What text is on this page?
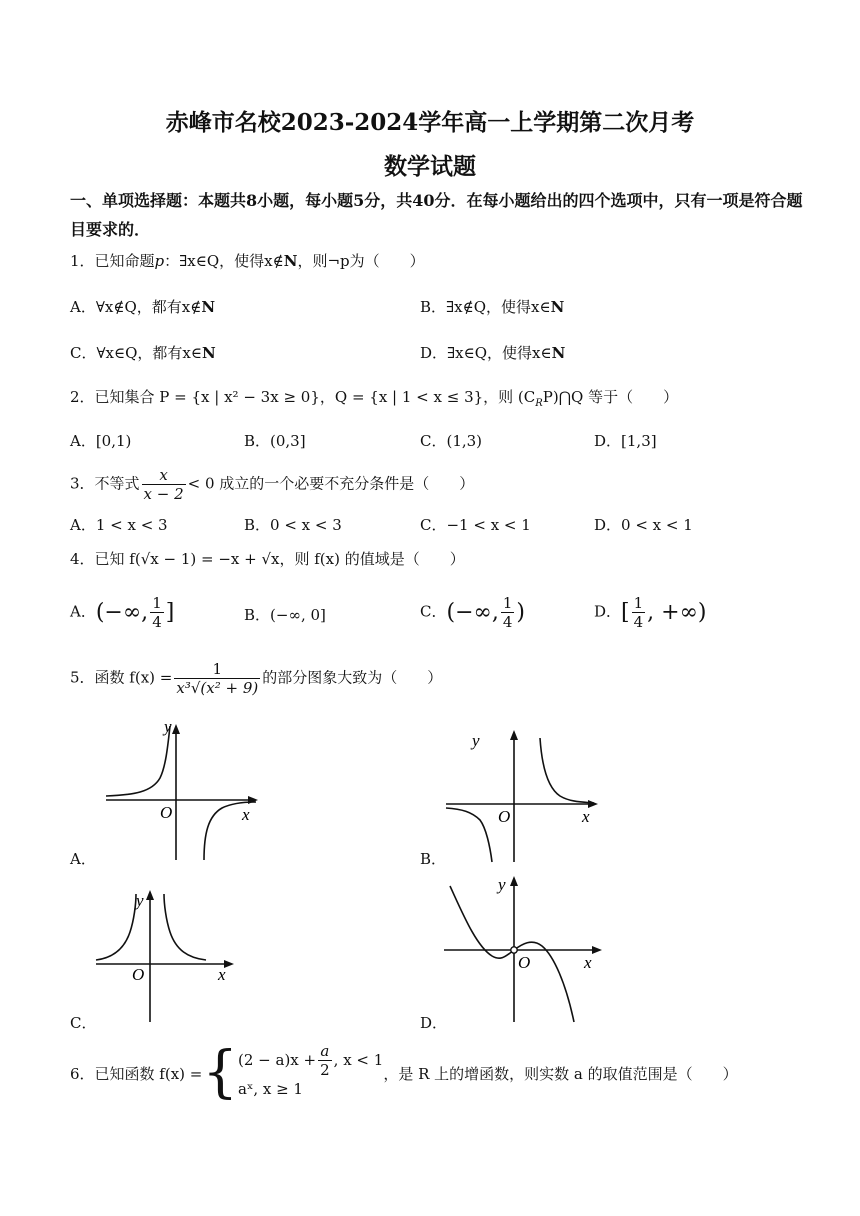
赤峰市名校2023-2024学年高一上学期第二次月考
数学试题
一、单项选择题：本题共8小题，每小题5分，共40分．在每小题给出的四个选项中，只有一项是符合题目要求的．
1．已知命题p：∃x∈Q，使得x∉N，则¬p为（　　）
A．∀x∉Q，都有x∉N	B．∃x∉Q，使得x∈N
C．∀x∈Q，都有x∈N	D．∃x∈Q，使得x∈N
2．已知集合 P = {x | x² − 3x ≥ 0}，Q = {x | 1 < x ≤ 3}，则 $(C_RP)⋂Q$ 等于（　　）
A．[0,1)	B．(0,3]	C．(1,3)	D．[1,3]
3．不等式 $\frac{x}{x - 2} < 0$ 成立的一个必要不充分条件是（　　）
A．1 < x < 3	B．0 < x < 3	C．−1 < x < 1	D．0 < x < 1
4．已知 f(√x − 1) = −x + √x，则 f(x) 的值域是（　　）
A．(−∞, $\frac{1}{4}$ ]	B．(−∞, 0]	C．(−∞, $\frac{1}{4}$ )	D．[ $\frac{1}{4}$ , +∞)
5．函数 $f(x) = \frac{1}{\text{x³√(x² + 9)}}$ 的部分图象大致为（　　）
A．
y
O	x
B．
y
O	x
C．
y
O	x
D．
y
O	x
6．已知函数 f(x) = { $(2 - a)x + \frac{a}{2}$ , x < 1
aˣ, x ≥ 1
，是 R 上的增函数，则实数 a 的取值范围是（　　）
